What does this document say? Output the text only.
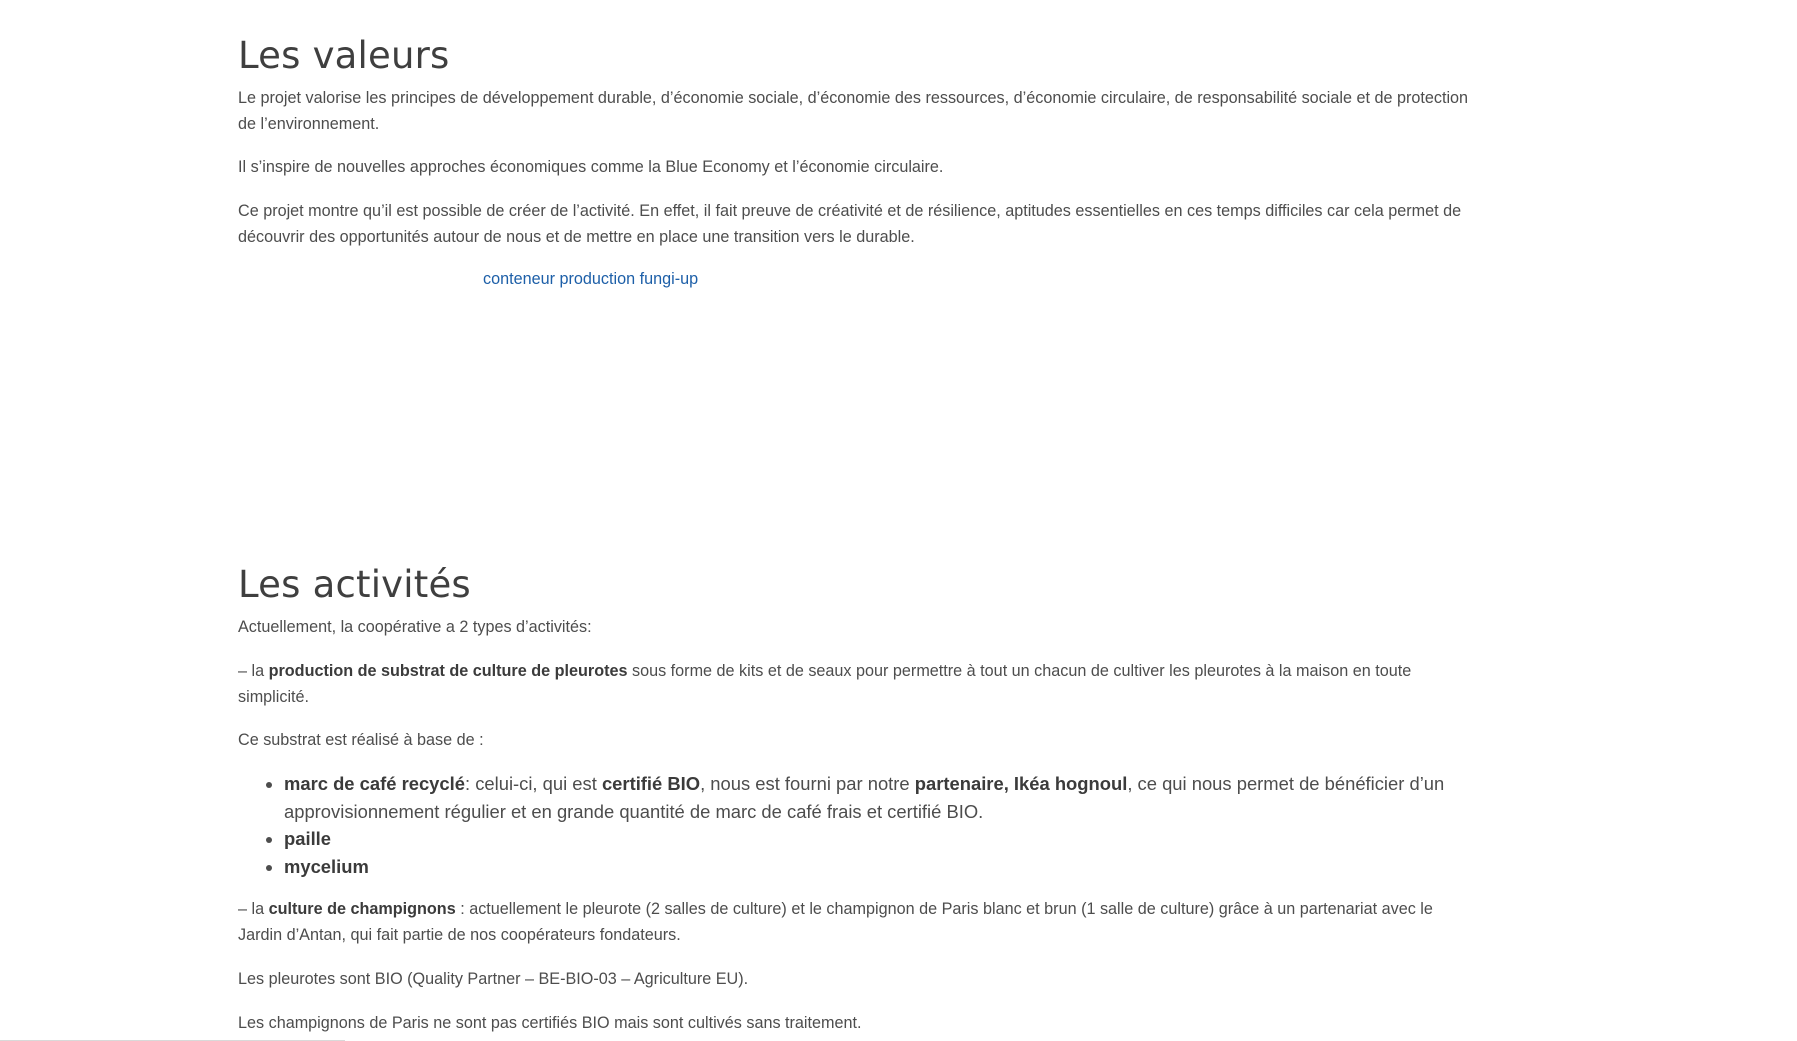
Les valeurs

Le projet valorise les principes de développement durable, d’économie sociale, d’économie des ressources, d’économie circulaire, de responsabilité sociale et de protection de l’environnement.

Il s’inspire de nouvelles approches économiques comme la Blue Economy et l’économie circulaire.

Ce projet montre qu’il est possible de créer de l’activité. En effet, il fait preuve de créativité et de résilience, aptitudes essentielles en ces temps difficiles car cela permet de découvrir des opportunités autour de nous et de mettre en place une transition vers le durable.

conteneur production fungi-up

Les activités

Actuellement, la coopérative a 2 types d’activités:

– la production de substrat de culture de pleurotes sous forme de kits et de seaux pour permettre à tout un chacun de cultiver les pleurotes à la maison en toute simplicité.

Ce substrat est réalisé à base de :

• marc de café recyclé: celui-ci, qui est certifié BIO, nous est fourni par notre partenaire, Ikéa hognoul, ce qui nous permet de bénéficier d’un approvisionnement régulier et en grande quantité de marc de café frais et certifié BIO.
• paille
• mycelium

– la culture de champignons : actuellement le pleurote (2 salles de culture) et le champignon de Paris blanc et brun (1 salle de culture) grâce à un partenariat avec le Jardin d’Antan, qui fait partie de nos coopérateurs fondateurs.

Les pleurotes sont BIO (Quality Partner – BE-BIO-03 – Agriculture EU).

Les champignons de Paris ne sont pas certifiés BIO mais sont cultivés sans traitement.
